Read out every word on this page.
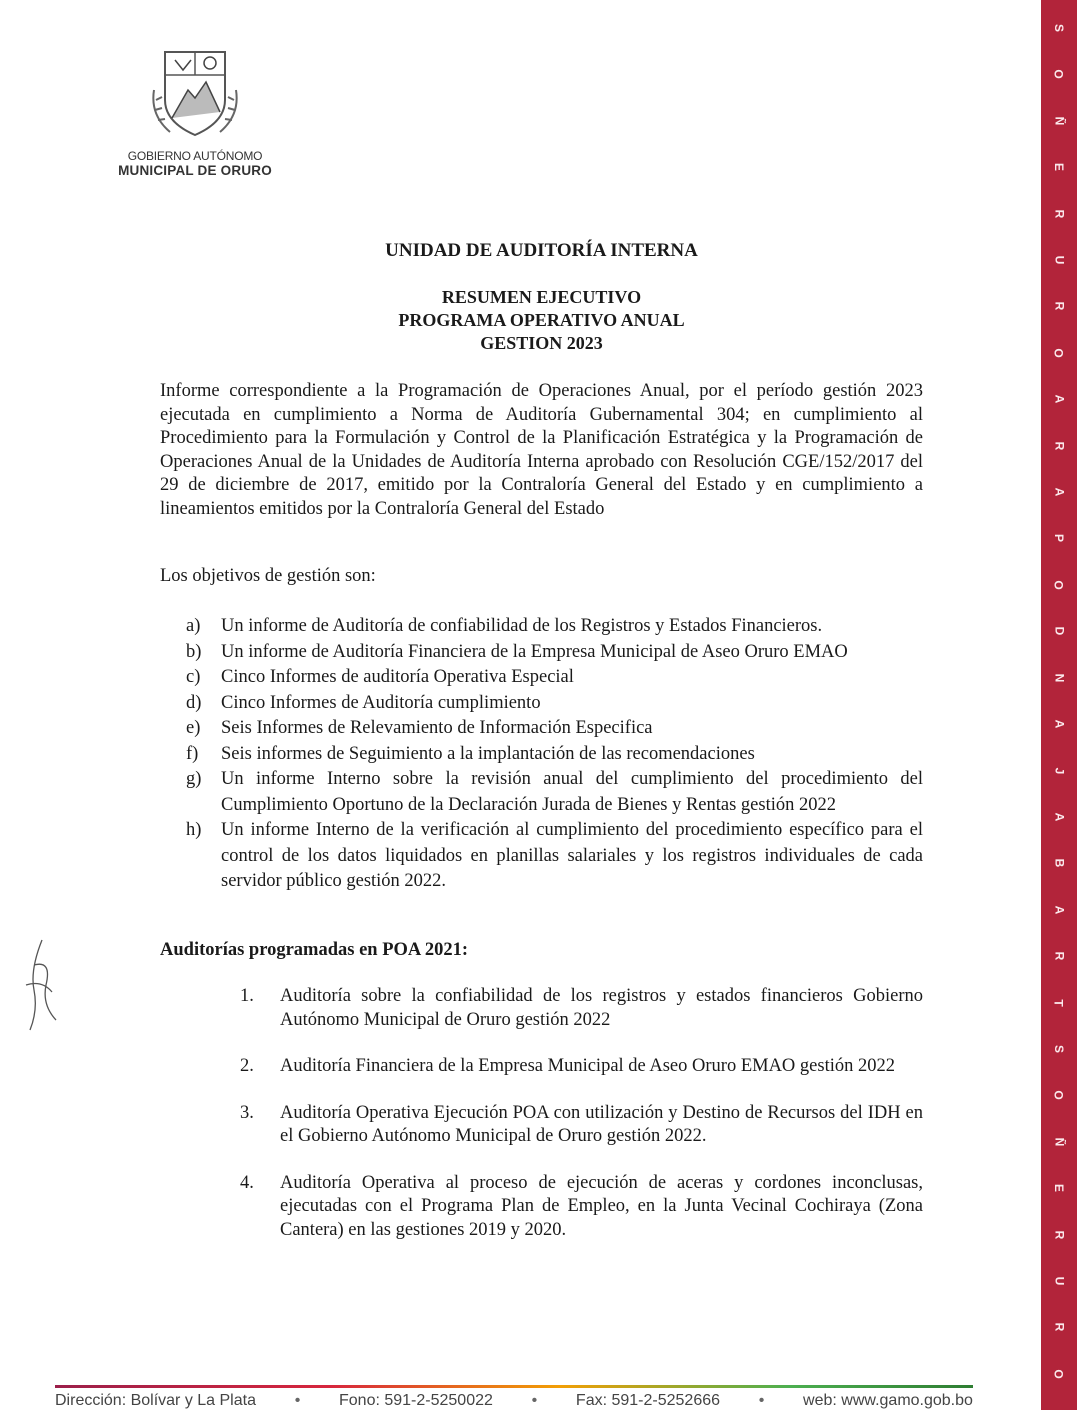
GOBIERNO AUTÓNOMO
MUNICIPAL DE ORURO
S
O
Ñ
E
R
U
R
O
A
R
A
P
O
D
N
A
J
A
B
A
R
T
S
O
Ñ
E
R
U
R
O
UNIDAD DE AUDITORÍA INTERNA
RESUMEN EJECUTIVO
PROGRAMA OPERATIVO ANUAL
GESTION 2023
Informe correspondiente a la Programación de Operaciones Anual, por el período gestión 2023 ejecutada en cumplimiento a Norma de Auditoría Gubernamental 304; en cumplimiento al Procedimiento para la Formulación y Control de la Planificación Estratégica y la Programación de Operaciones Anual de la Unidades de Auditoría Interna aprobado con Resolución CGE/152/2017 del 29 de diciembre de 2017, emitido por la Contraloría General del Estado y en cumplimiento a lineamientos emitidos por la Contraloría General del Estado
Los objetivos de gestión son:
a)	Un informe de Auditoría de confiabilidad de los Registros y Estados Financieros.
b)	Un informe de Auditoría Financiera de la Empresa Municipal de Aseo Oruro EMAO
c)	Cinco Informes de auditoría Operativa Especial
d)	Cinco Informes de Auditoría cumplimiento
e)	Seis Informes de Relevamiento de Información Especifica
f)	Seis informes de Seguimiento a la implantación de las recomendaciones
g)	Un informe Interno sobre la revisión anual del cumplimiento del procedimiento del Cumplimiento Oportuno de la Declaración Jurada de Bienes y Rentas gestión 2022
h)	Un informe Interno de la verificación al cumplimiento del procedimiento específico para el control de los datos liquidados en planillas salariales y los registros individuales de cada servidor público gestión 2022.
Auditorías programadas en POA 2021:
1.	Auditoría sobre la confiabilidad de los registros y estados financieros Gobierno Autónomo Municipal de Oruro gestión 2022
2.	Auditoría Financiera de la Empresa Municipal de Aseo Oruro EMAO gestión 2022
3.	Auditoría Operativa Ejecución POA con utilización y Destino de Recursos del IDH en el Gobierno Autónomo Municipal de Oruro gestión 2022.
4.	Auditoría Operativa al proceso de ejecución de aceras y cordones inconclusas, ejecutadas con el Programa Plan de Empleo, en la Junta Vecinal Cochiraya (Zona Cantera) en las gestiones 2019 y 2020.
Dirección: Bolívar y La Plata • Fono: 591-2-5250022 • Fax: 591-2-5252666 • web: www.gamo.gob.bo
